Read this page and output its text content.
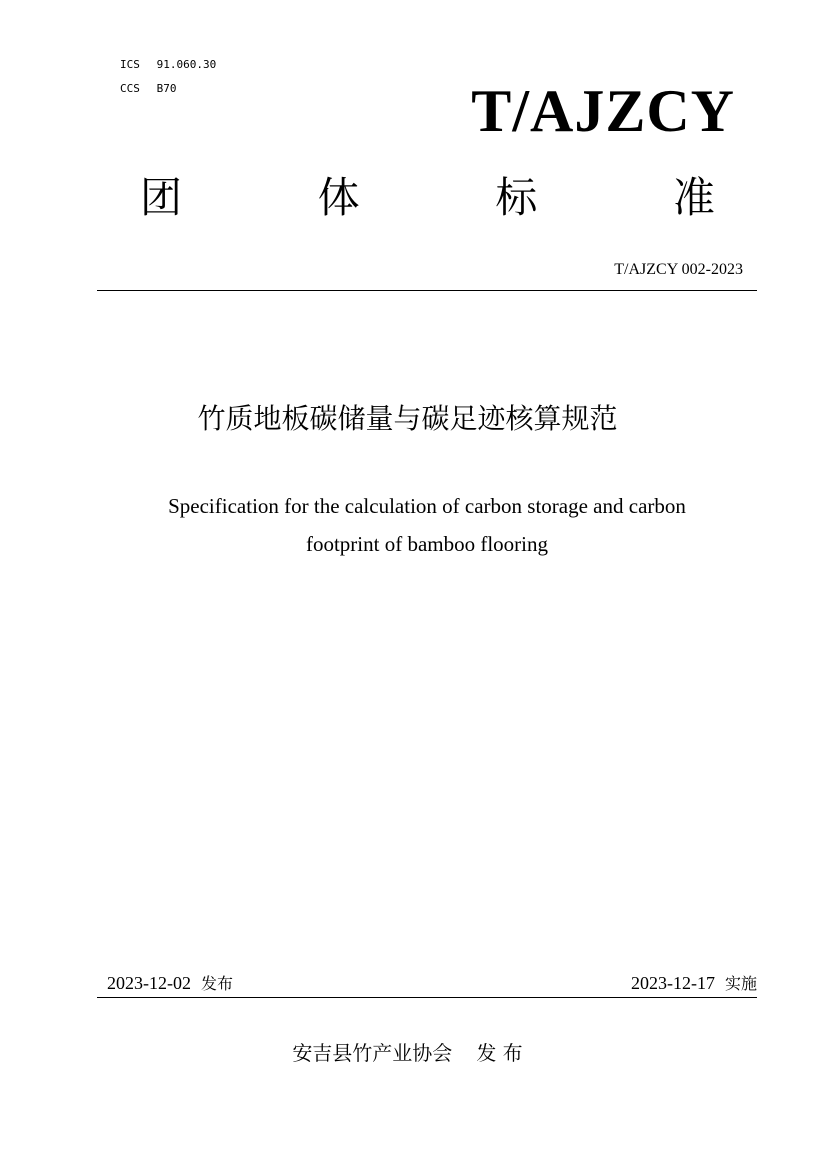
ICS 91.060.30
CCS B70	T/AJZCY
团	体	标	准
T/AJZCY 002-2023
竹质地板碳储量与碳足迹核算规范
Specification for the calculation of carbon storage and carbon
footprint of bamboo flooring
2023-12-02 发布	2023-12-17 实施
安吉县竹产业协会 发 布
